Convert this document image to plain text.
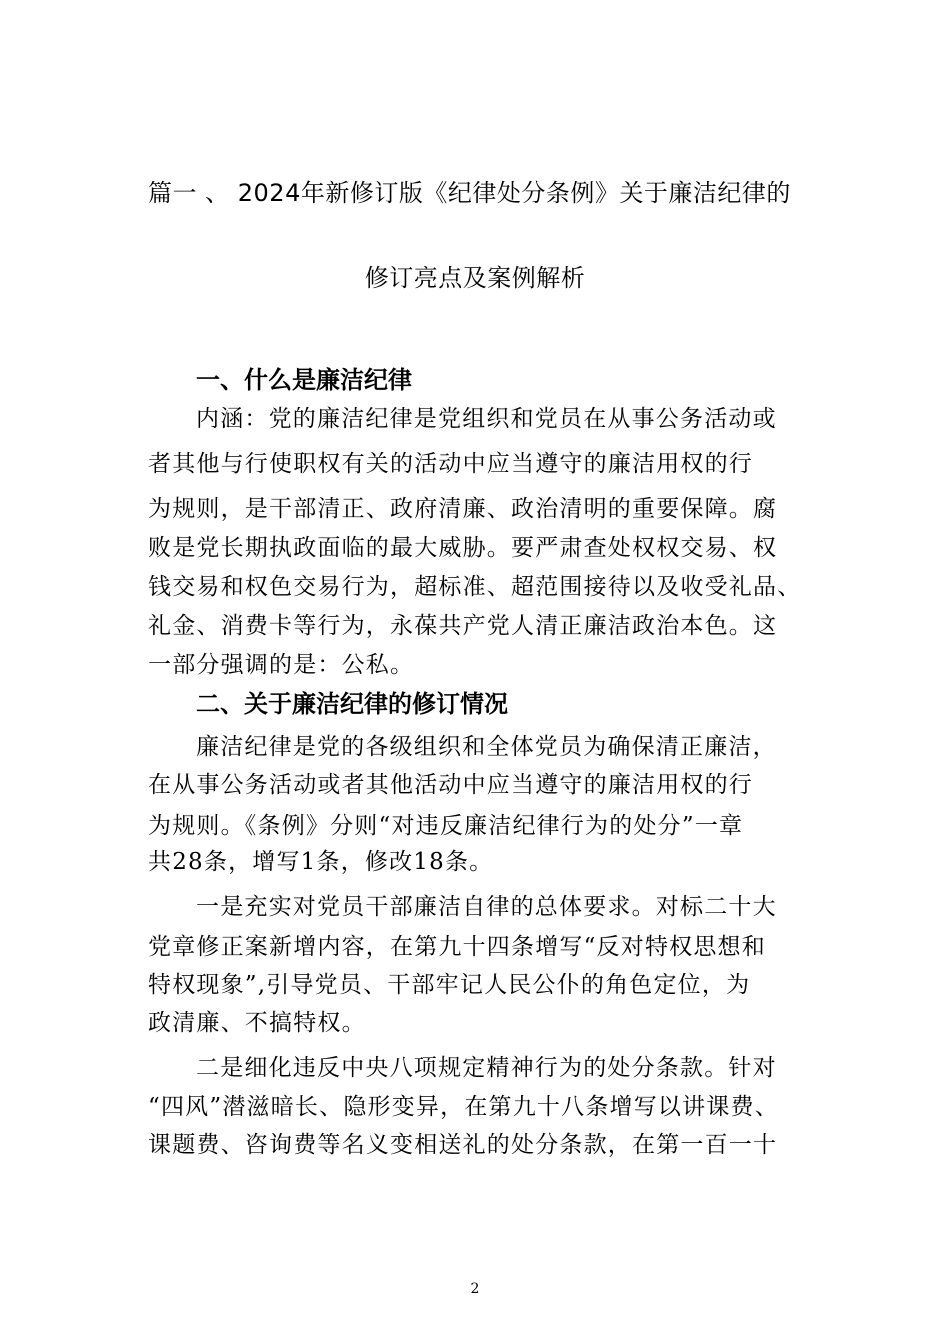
篇一 、 2024年新修订版《纪律处分条例》关于廉洁纪律的
修订亮点及案例解析
一、什么是廉洁纪律
内涵：党的廉洁纪律是党组织和党员在从事公务活动或
者其他与行使职权有关的活动中应当遵守的廉洁用权的行
为规则，是干部清正、政府清廉、政治清明的重要保障。腐
败是党长期执政面临的最大威胁。要严肃查处权权交易、权
钱交易和权色交易行为，超标准、超范围接待以及收受礼品、
礼金、消费卡等行为，永葆共产党人清正廉洁政治本色。这
一部分强调的是：公私。
二、关于廉洁纪律的修订情况
廉洁纪律是党的各级组织和全体党员为确保清正廉洁，
在从事公务活动或者其他活动中应当遵守的廉洁用权的行
为规则。《条例》分则“对违反廉洁纪律行为的处分”一章
共28条，增写1条，修改18条。
一是充实对党员干部廉洁自律的总体要求。对标二十大
党章修正案新增内容，在第九十四条增写“反对特权思想和
特权现象”,引导党员、干部牢记人民公仆的角色定位，为
政清廉、不搞特权。
二是细化违反中央八项规定精神行为的处分条款。针对
“四风”潜滋暗长、隐形变异，在第九十八条增写以讲课费、
课题费、咨询费等名义变相送礼的处分条款，在第一百一十
2
